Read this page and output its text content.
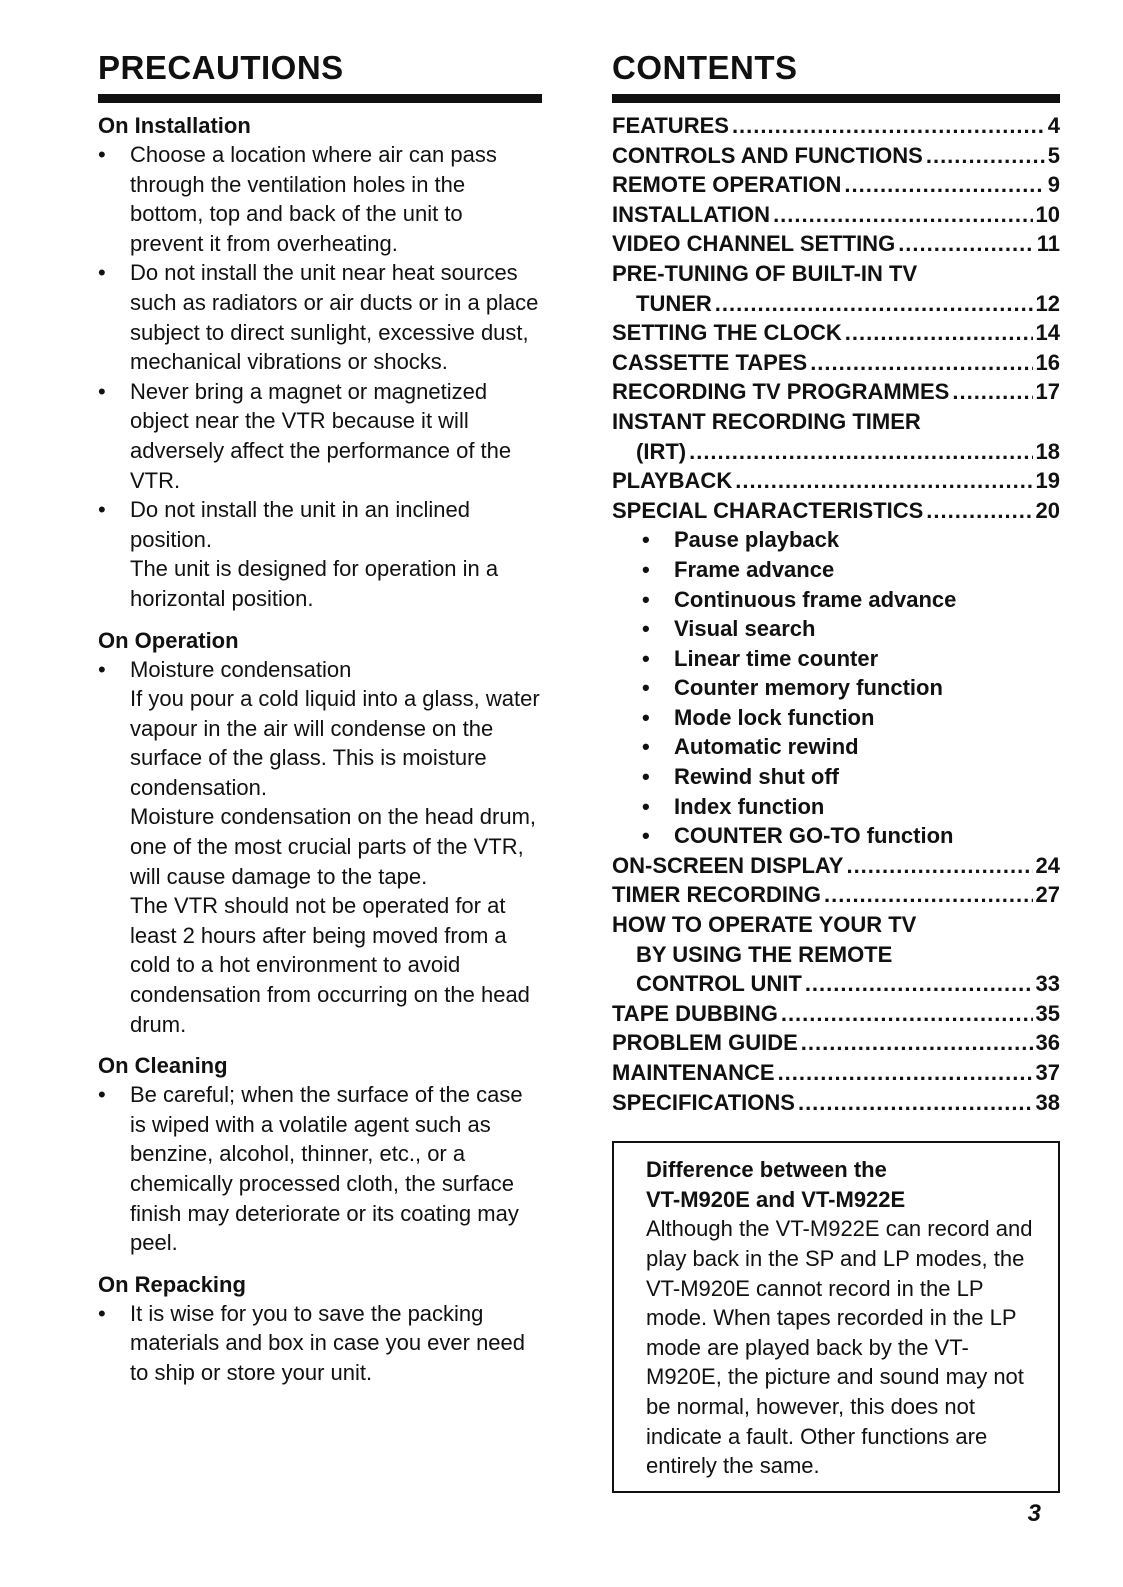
PRECAUTIONS
On Installation
• Choose a location where air can pass through the ventilation holes in the bottom, top and back of the unit to prevent it from overheating.
• Do not install the unit near heat sources such as radiators or air ducts or in a place subject to direct sunlight, excessive dust, mechanical vibrations or shocks.
• Never bring a magnet or magnetized object near the VTR because it will adversely affect the performance of the VTR.
• Do not install the unit in an inclined position.
The unit is designed for operation in a horizontal position.
On Operation
• Moisture condensation
If you pour a cold liquid into a glass, water vapour in the air will condense on the surface of the glass. This is moisture condensation.
Moisture condensation on the head drum, one of the most crucial parts of the VTR, will cause damage to the tape.
The VTR should not be operated for at least 2 hours after being moved from a cold to a hot environment to avoid condensation from occurring on the head drum.
On Cleaning
• Be careful; when the surface of the case is wiped with a volatile agent such as benzine, alcohol, thinner, etc., or a chemically processed cloth, the surface finish may deteriorate or its coating may peel.
On Repacking
• It is wise for you to save the packing materials and box in case you ever need to ship or store your unit.
CONTENTS
FEATURES .....	4
CONTROLS AND FUNCTIONS .....	5
REMOTE OPERATION .....	9
INSTALLATION .....	10
VIDEO CHANNEL SETTING .....	11
PRE-TUNING OF BUILT-IN TV
TUNER .....	12
SETTING THE CLOCK .....	14
CASSETTE TAPES .....	16
RECORDING TV PROGRAMMES .....	17
INSTANT RECORDING TIMER
(IRT) .....	18
PLAYBACK .....	19
SPECIAL CHARACTERISTICS .....	20
• Pause playback
• Frame advance
• Continuous frame advance
• Visual search
• Linear time counter
• Counter memory function
• Mode lock function
• Automatic rewind
• Rewind shut off
• Index function
• COUNTER GO-TO function
ON-SCREEN DISPLAY .....	24
TIMER RECORDING .....	27
HOW TO OPERATE YOUR TV
BY USING THE REMOTE
CONTROL UNIT .....	33
TAPE DUBBING .....	35
PROBLEM GUIDE .....	36
MAINTENANCE .....	37
SPECIFICATIONS .....	38
Difference between the
VT-M920E and VT-M922E
Although the VT-M922E can record and play back in the SP and LP modes, the VT-M920E cannot record in the LP mode. When tapes recorded in the LP mode are played back by the VT-M920E, the picture and sound may not be normal, however, this does not indicate a fault. Other functions are entirely the same.
3
